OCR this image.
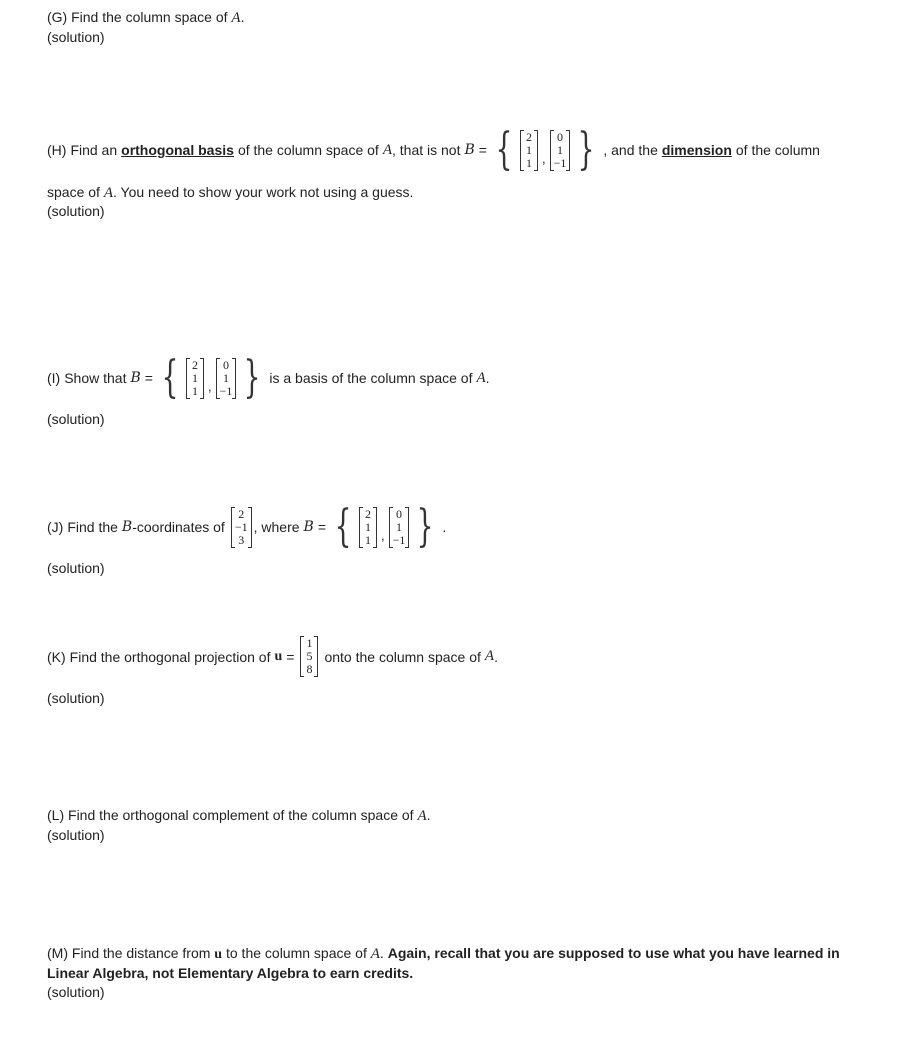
(G) Find the column space of A.
(solution)
(H) Find an orthogonal basis of the column space of A , that is not B = { 2
1
1 ,
0
1
−1 } , and the dimension of the column
space of A. You need to show your work not using a guess.
(solution)
(I) Show that B = { 2
1
1 ,
0
1
−1 } is a basis of the column space of A .
(solution)
(J) Find the B -coordinates of
2
−1
3
, where B = { 2
1
1 ,
0
1
−1 } .
(solution)
(K) Find the orthogonal projection of u =
1
5
8
onto the column space of A .
(solution)
(L) Find the orthogonal complement of the column space of A.
(solution)
(M) Find the distance from u to the column space of A. Again, recall that you are supposed to use what you have learned in Linear Algebra, not Elementary Algebra to earn credits.
(solution)
